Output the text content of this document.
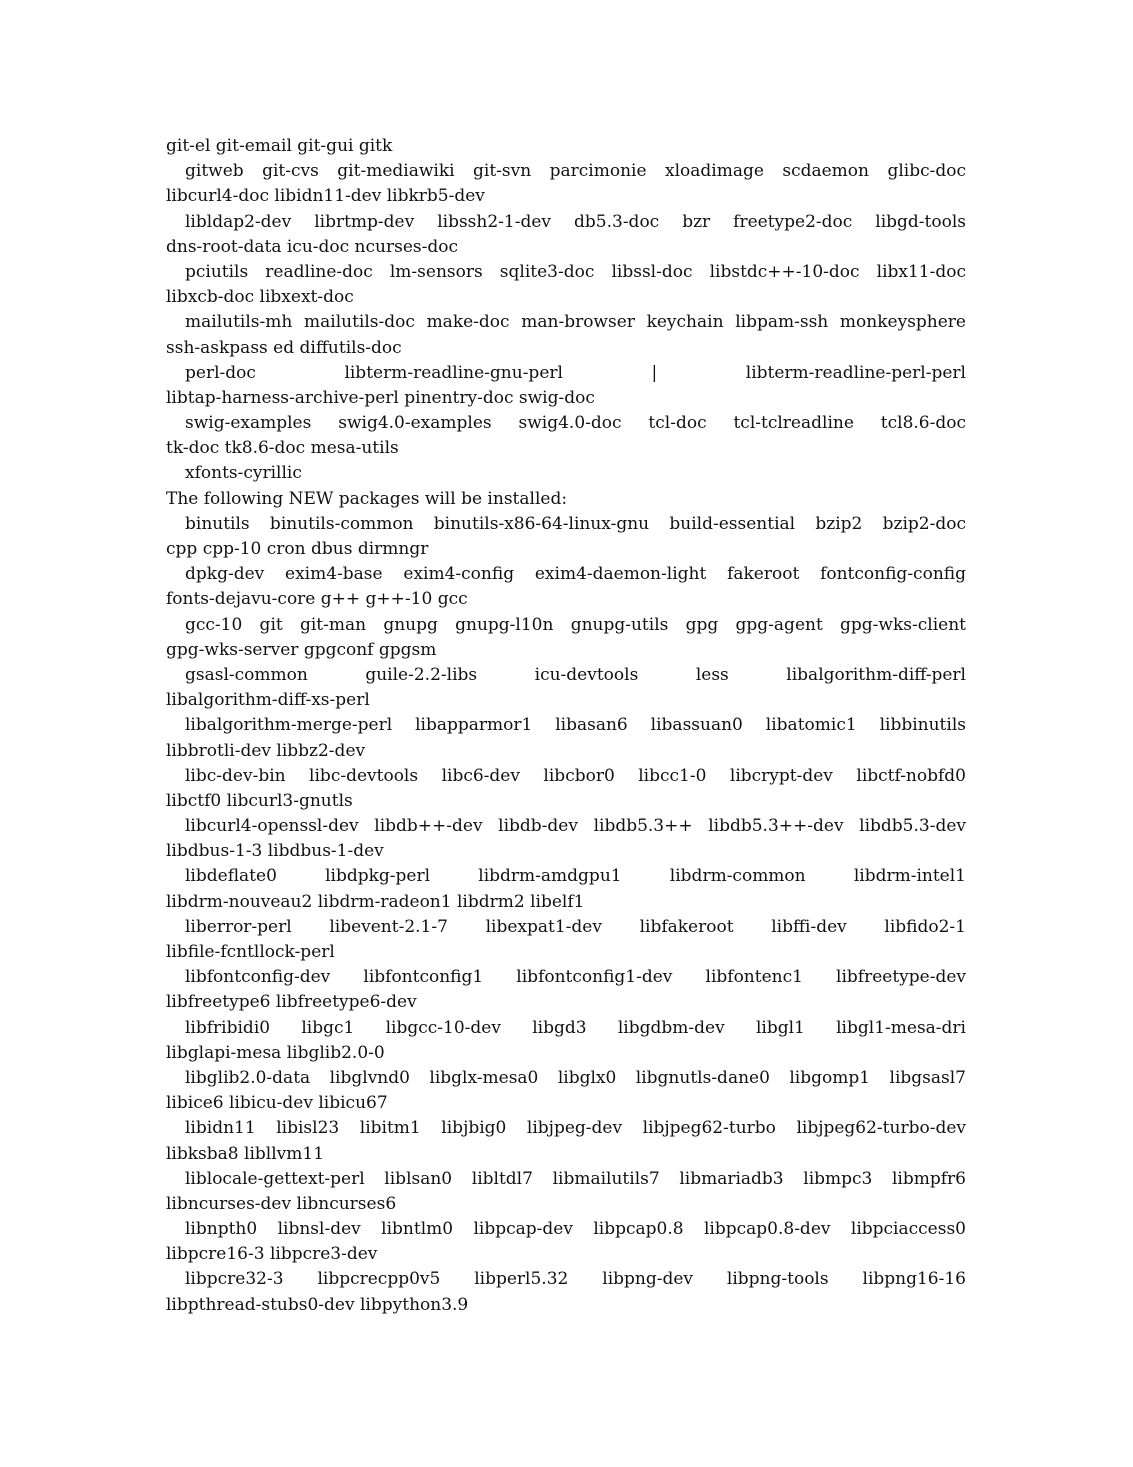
git-el git-email git-gui gitk
gitweb git-cvs git-mediawiki git-svn parcimonie xloadimage scdaemon glibc-doc
libcurl4-doc libidn11-dev libkrb5-dev
libldap2-dev librtmp-dev libssh2-1-dev db5.3-doc bzr freetype2-doc libgd-tools
dns-root-data icu-doc ncurses-doc
pciutils readline-doc lm-sensors sqlite3-doc libssl-doc libstdc++-10-doc libx11-doc
libxcb-doc libxext-doc
mailutils-mh mailutils-doc make-doc man-browser keychain libpam-ssh monkeysphere
ssh-askpass ed diffutils-doc
perl-doc libterm-readline-gnu-perl | libterm-readline-perl-perl
libtap-harness-archive-perl pinentry-doc swig-doc
swig-examples swig4.0-examples swig4.0-doc tcl-doc tcl-tclreadline tcl8.6-doc
tk-doc tk8.6-doc mesa-utils
xfonts-cyrillic
The following NEW packages will be installed:
binutils binutils-common binutils-x86-64-linux-gnu build-essential bzip2 bzip2-doc
cpp cpp-10 cron dbus dirmngr
dpkg-dev exim4-base exim4-config exim4-daemon-light fakeroot fontconfig-config
fonts-dejavu-core g++ g++-10 gcc
gcc-10 git git-man gnupg gnupg-l10n gnupg-utils gpg gpg-agent gpg-wks-client
gpg-wks-server gpgconf gpgsm
gsasl-common guile-2.2-libs icu-devtools less libalgorithm-diff-perl
libalgorithm-diff-xs-perl
libalgorithm-merge-perl libapparmor1 libasan6 libassuan0 libatomic1 libbinutils
libbrotli-dev libbz2-dev
libc-dev-bin libc-devtools libc6-dev libcbor0 libcc1-0 libcrypt-dev libctf-nobfd0
libctf0 libcurl3-gnutls
libcurl4-openssl-dev libdb++-dev libdb-dev libdb5.3++ libdb5.3++-dev libdb5.3-dev
libdbus-1-3 libdbus-1-dev
libdeflate0 libdpkg-perl libdrm-amdgpu1 libdrm-common libdrm-intel1
libdrm-nouveau2 libdrm-radeon1 libdrm2 libelf1
liberror-perl libevent-2.1-7 libexpat1-dev libfakeroot libffi-dev libfido2-1
libfile-fcntllock-perl
libfontconfig-dev libfontconfig1 libfontconfig1-dev libfontenc1 libfreetype-dev
libfreetype6 libfreetype6-dev
libfribidi0 libgc1 libgcc-10-dev libgd3 libgdbm-dev libgl1 libgl1-mesa-dri
libglapi-mesa libglib2.0-0
libglib2.0-data libglvnd0 libglx-mesa0 libglx0 libgnutls-dane0 libgomp1 libgsasl7
libice6 libicu-dev libicu67
libidn11 libisl23 libitm1 libjbig0 libjpeg-dev libjpeg62-turbo libjpeg62-turbo-dev
libksba8 libllvm11
liblocale-gettext-perl liblsan0 libltdl7 libmailutils7 libmariadb3 libmpc3 libmpfr6
libncurses-dev libncurses6
libnpth0 libnsl-dev libntlm0 libpcap-dev libpcap0.8 libpcap0.8-dev libpciaccess0
libpcre16-3 libpcre3-dev
libpcre32-3 libpcrecpp0v5 libperl5.32 libpng-dev libpng-tools libpng16-16
libpthread-stubs0-dev libpython3.9
